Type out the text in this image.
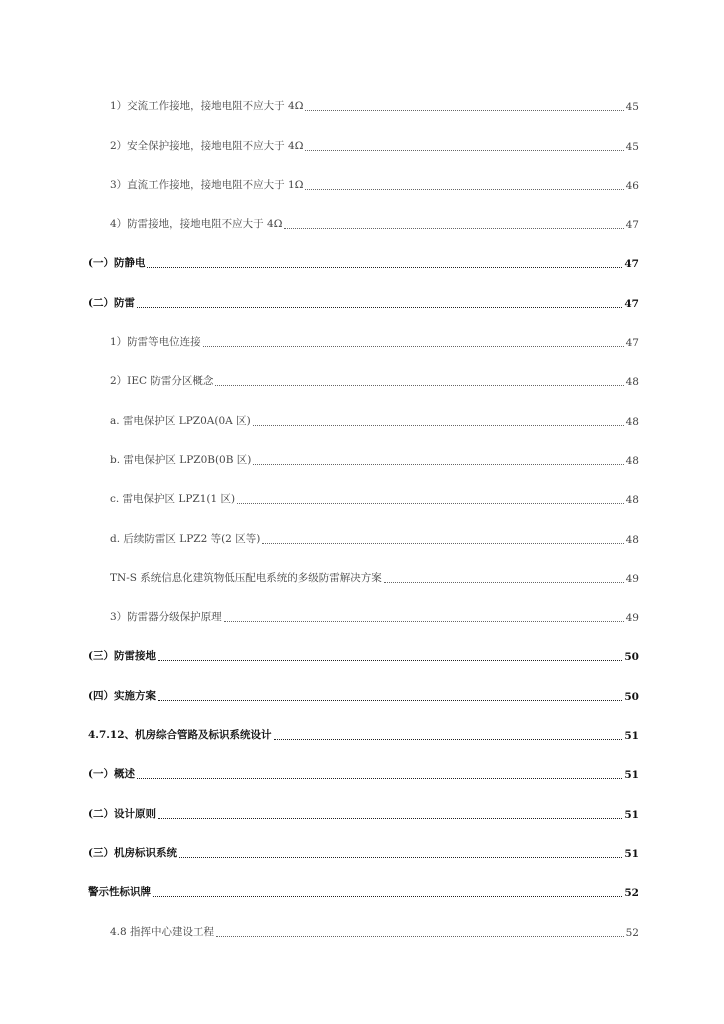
1）交流工作接地，接地电阻不应大于 4Ω	45
2）安全保护接地，接地电阻不应大于 4Ω	45
3）直流工作接地，接地电阻不应大于 1Ω	46
4）防雷接地，接地电阻不应大于 4Ω	47
(一）防静电	47
(二）防雷	47
1）防雷等电位连接	47
2）IEC 防雷分区概念	48
a. 雷电保护区 LPZ0A(0A 区)	48
b. 雷电保护区 LPZ0B(0B 区)	48
c. 雷电保护区 LPZ1(1 区)	48
d. 后续防雷区 LPZ2 等(2 区等)	48
TN-S 系统信息化建筑物低压配电系统的多级防雷解决方案	49
3）防雷器分级保护原理	49
(三）防雷接地	50
(四）实施方案	50
4.7.12、机房综合管路及标识系统设计	51
(一）概述	51
(二）设计原则	51
(三）机房标识系统	51
警示性标识牌	52
4.8 指挥中心建设工程	52
